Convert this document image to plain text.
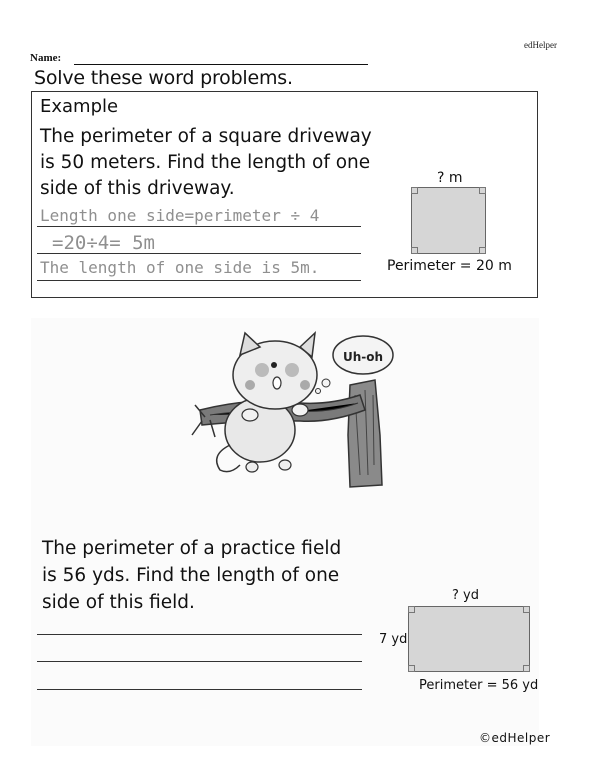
edHelper
Name:
Solve these word problems.
Example
The perimeter of a square driveway
is 50 meters. Find the length of one
side of this driveway.
Length one side=perimeter ÷ 4
=20÷4= 5m
The length of one side is 5m.
? m
Perimeter = 20 m
Uh-oh
The perimeter of a practice field
is 56 yds. Find the length of one
side of this field.	? yd
7 yd
Perimeter = 56 yd
©edHelper
